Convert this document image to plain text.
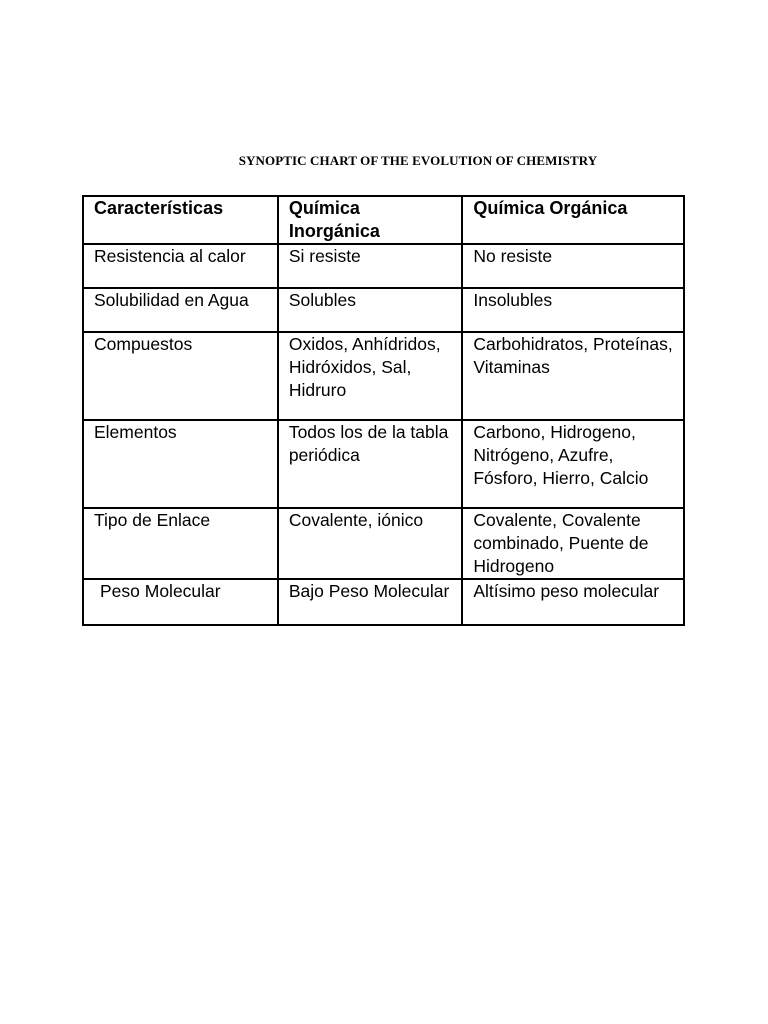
SYNOPTIC CHART OF THE EVOLUTION OF CHEMISTRY
Características	Química Inorgánica	Química Orgánica
Resistencia al calor	Si resiste	No resiste
Solubilidad en Agua	Solubles	Insolubles
Compuestos	Oxidos, Anhídridos, Hidróxidos, Sal, Hidruro	Carbohidratos, Proteínas, Vitaminas
Elementos	Todos los de la tabla periódica	Carbono, Hidrogeno, Nitrógeno, Azufre, Fósforo, Hierro, Calcio
Tipo de Enlace	Covalente, iónico	Covalente, Covalente combinado, Puente de Hidrogeno
Peso Molecular	Bajo Peso Molecular	Altísimo peso molecular
